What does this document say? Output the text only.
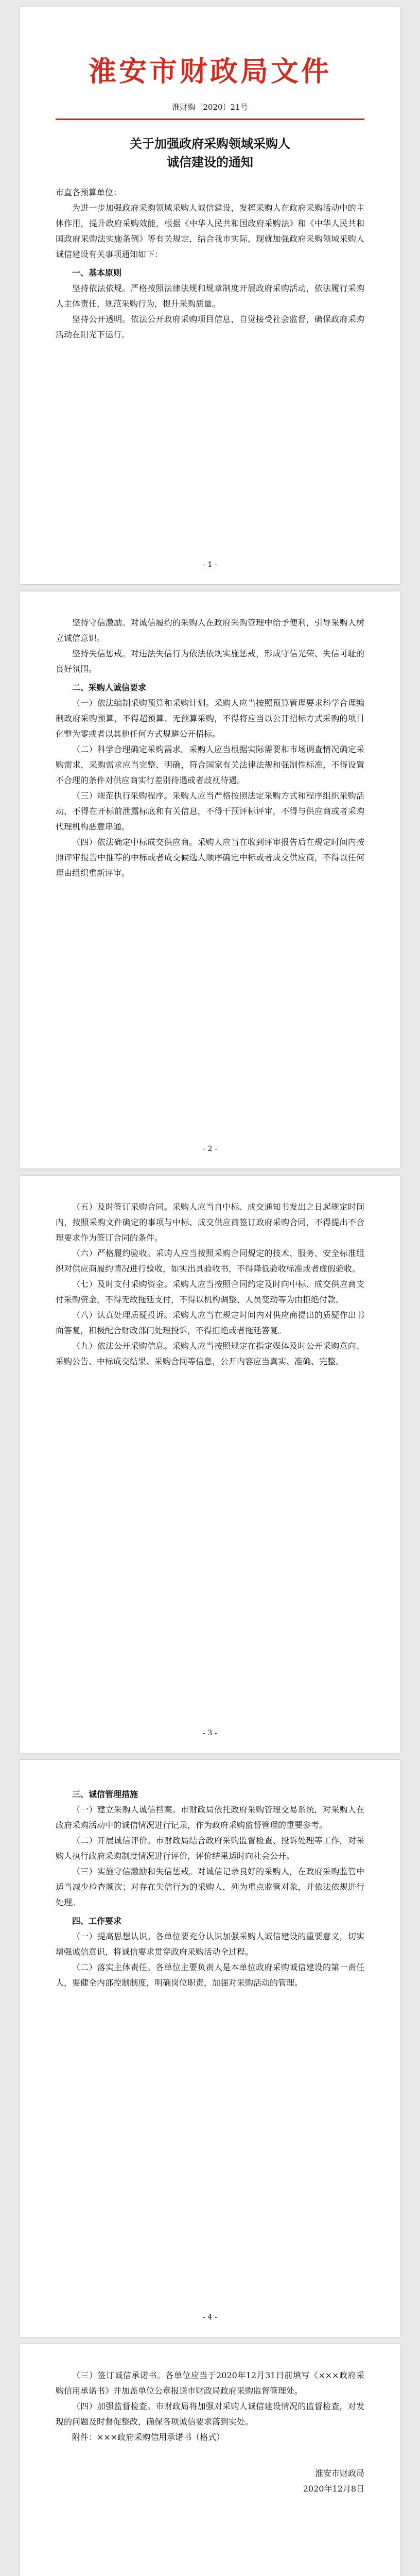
淮安市财政局文件
淮财购〔2020〕21号
关于加强政府采购领域采购人
诚信建设的通知
市直各预算单位：

为进一步加强政府采购领域采购人诚信建设，发挥采购人在政府采购活动中的主体作用，提升政府采购效能，根据《中华人民共和国政府采购法》和《中华人民共和国政府采购法实施条例》等有关规定，结合我市实际，现就加强政府采购领域采购人诚信建设有关事项通知如下：

一、基本原则

坚持依法依规。严格按照法律法规和规章制度开展政府采购活动，依法履行采购人主体责任，规范采购行为，提升采购质量。

坚持公开透明。依法公开政府采购项目信息，自觉接受社会监督，确保政府采购活动在阳光下运行。

- 1 -

坚持守信激励。对诚信履约的采购人在政府采购管理中给予便利，引导采购人树立诚信意识。

坚持失信惩戒。对违法失信行为依法依规实施惩戒，形成守信光荣、失信可耻的良好氛围。

二、采购人诚信要求

（一）依法编制采购预算和采购计划。采购人应当按照预算管理要求科学合理编制政府采购预算，不得超预算、无预算采购，不得将应当以公开招标方式采购的项目化整为零或者以其他任何方式规避公开招标。

（二）科学合理确定采购需求。采购人应当根据实际需要和市场调查情况确定采购需求，采购需求应当完整、明确，符合国家有关法律法规和强制性标准，不得设置不合理的条件对供应商实行差别待遇或者歧视待遇。

（三）规范执行采购程序。采购人应当严格按照法定采购方式和程序组织采购活动，不得在开标前泄露标底和有关信息，不得干预评标评审，不得与供应商或者采购代理机构恶意串通。

（四）依法确定中标成交供应商。采购人应当在收到评审报告后在规定时间内按照评审报告中推荐的中标或者成交候选人顺序确定中标或者成交供应商，不得以任何理由组织重新评审。

- 2 -

（五）及时签订采购合同。采购人应当自中标、成交通知书发出之日起规定时间内，按照采购文件确定的事项与中标、成交供应商签订政府采购合同，不得提出不合理要求作为签订合同的条件。

（六）严格履约验收。采购人应当按照采购合同规定的技术、服务、安全标准组织对供应商履约情况进行验收，如实出具验收书，不得降低验收标准或者虚假验收。

（七）及时支付采购资金。采购人应当按照合同约定及时向中标、成交供应商支付采购资金，不得无故拖延支付，不得以机构调整、人员变动等为由拒绝付款。

（八）认真处理质疑投诉。采购人应当在规定时间内对供应商提出的质疑作出书面答复，积极配合财政部门处理投诉，不得拒绝或者拖延答复。

（九）依法公开采购信息。采购人应当按照规定在指定媒体及时公开采购意向、采购公告、中标成交结果、采购合同等信息，公开内容应当真实、准确、完整。

- 3 -

三、诚信管理措施

（一）建立采购人诚信档案。市财政局依托政府采购管理交易系统，对采购人在政府采购活动中的诚信情况进行记录，作为政府采购监督管理的重要参考。

（二）开展诚信评价。市财政局结合政府采购监督检查、投诉处理等工作，对采购人执行政府采购制度情况进行评价，评价结果适时向社会公开。

（三）实施守信激励和失信惩戒。对诚信记录良好的采购人，在政府采购监管中适当减少检查频次；对存在失信行为的采购人，列为重点监管对象，并依法依规进行处理。

四、工作要求

（一）提高思想认识。各单位要充分认识加强采购人诚信建设的重要意义，切实增强诚信意识，将诚信要求贯穿政府采购活动全过程。

（二）落实主体责任。各单位主要负责人是本单位政府采购诚信建设的第一责任人，要健全内部控制制度，明确岗位职责，加强对采购活动的管理。

- 4 -

（三）签订诚信承诺书。各单位应当于2020年12月31日前填写《×××政府采购信用承诺书》并加盖单位公章报送市财政局政府采购监督管理处。

（四）加强监督检查。市财政局将加强对采购人诚信建设情况的监督检查，对发现的问题及时督促整改，确保各项诚信要求落到实处。

附件：×××政府采购信用承诺书（格式）

淮安市财政局
2020年12月8日
